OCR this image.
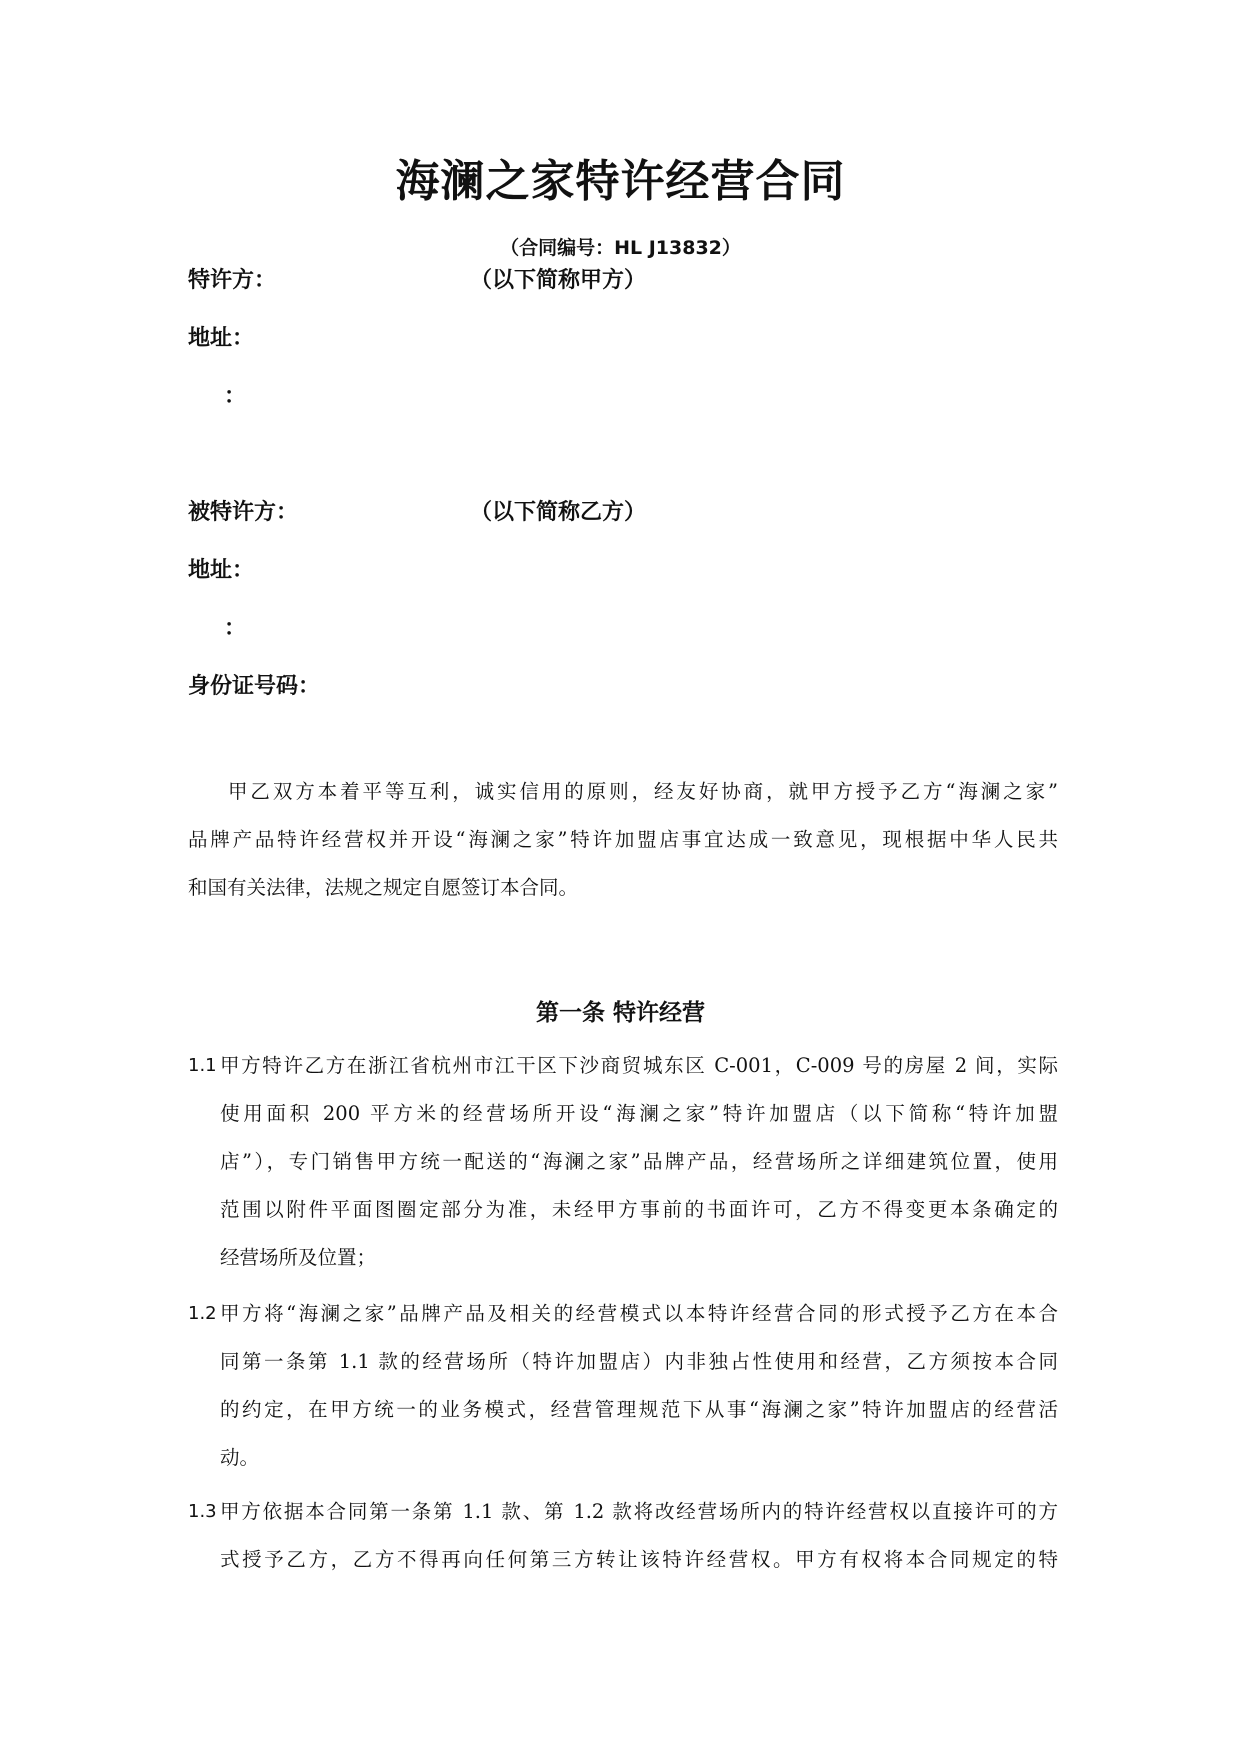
海澜之家特许经营合同
（合同编号：HL J13832）
特许方：	（以下简称甲方）
地址：
：
被特许方：	（以下简称乙方）
地址：
：
身份证号码：
甲乙双方本着平等互利，诚实信用的原则，经友好协商，就甲方授予乙方“海澜之家”
品牌产品特许经营权并开设“海澜之家”特许加盟店事宜达成一致意见，现根据中华人民共
和国有关法律，法规之规定自愿签订本合同。
第一条 特许经营
1.1 甲方特许乙方在浙江省杭州市江干区下沙商贸城东区 C-001，C-009 号的房屋 2 间，实际
使用面积 200 平方米的经营场所开设“海澜之家”特许加盟店（以下简称“特许加盟
店”），专门销售甲方统一配送的“海澜之家”品牌产品，经营场所之详细建筑位置，使用
范围以附件平面图圈定部分为准，未经甲方事前的书面许可，乙方不得变更本条确定的
经营场所及位置；
1.2 甲方将“海澜之家”品牌产品及相关的经营模式以本特许经营合同的形式授予乙方在本合
同第一条第 1.1 款的经营场所（特许加盟店）内非独占性使用和经营，乙方须按本合同
的约定，在甲方统一的业务模式，经营管理规范下从事“海澜之家”特许加盟店的经营活
动。
1.3 甲方依据本合同第一条第 1.1 款、第 1.2 款将改经营场所内的特许经营权以直接许可的方
式授予乙方，乙方不得再向任何第三方转让该特许经营权。甲方有权将本合同规定的特
